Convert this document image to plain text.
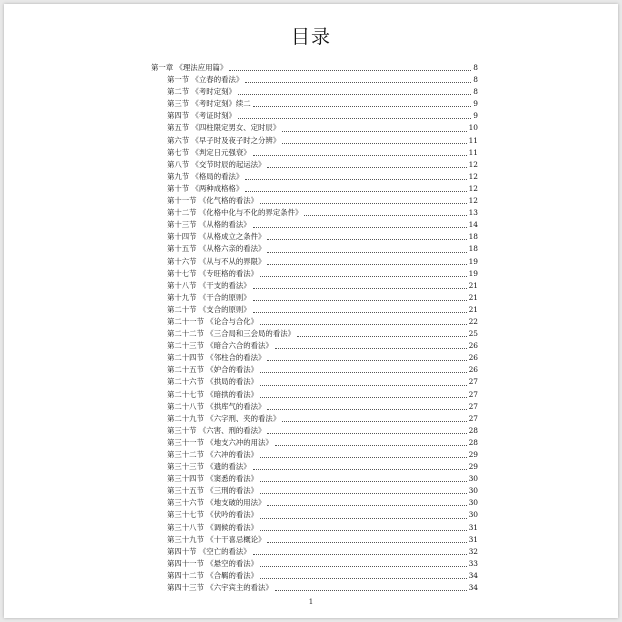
目录
第一章 《理法应用篇》	8
第一节 《立春的看法》	8
第二节 《考时定刻》	8
第三节 《考时定刻》续二	9
第四节 《考证时刻》	9
第五节 《四柱限定男女、定时辰》	10
第六节 《早子时及夜子时之分辨》	11
第七节 《判定日元强衰》	11
第八节 《交节时辰的起运法》	12
第九节 《格局的看法》	12
第十节 《两种成格格》	12
第十一节 《化气格的看法》	12
第十二节 《化格中化与不化的界定条件》	13
第十三节 《从格的看法》	14
第十四节 《从格成立之条件》	18
第十五节 《从格六亲的看法》	18
第十六节 《从与不从的界限》	19
第十七节 《专旺格的看法》	19
第十八节 《干支的看法》	21
第十九节 《干合的原则》	21
第二十节 《支合的原则》	21
第二十一节 《论合与合化》	22
第二十二节 《三合局和三会局的看法》	25
第二十三节 《暗合六合的看法》	26
第二十四节 《邻柱合的看法》	26
第二十五节 《妒合的看法》	26
第二十六节 《拱局的看法》	27
第二十七节 《暗拱的看法》	27
第二十八节 《拱库气的看法》	27
第二十九节 《六字刑、夹的看法》	27
第三十节 《六害、刑的看法》	28
第三十一节 《地支六冲的用法》	28
第三十二节 《六冲的看法》	29
第三十三节 《遗的看法》	29
第三十四节 《窦悉的看法》	30
第三十五节 《三刑的看法》	30
第三十六节 《地支破的用法》	30
第三十七节 《伏吟的看法》	30
第三十八节 《调候的看法》	31
第三十九节 《十干喜忌概论》	31
第四十节 《空亡的看法》	32
第四十一节 《悬空的看法》	33
第四十二节 《合羁的看法》	34
第四十三节 《六宇宾主的看法》	34
1
